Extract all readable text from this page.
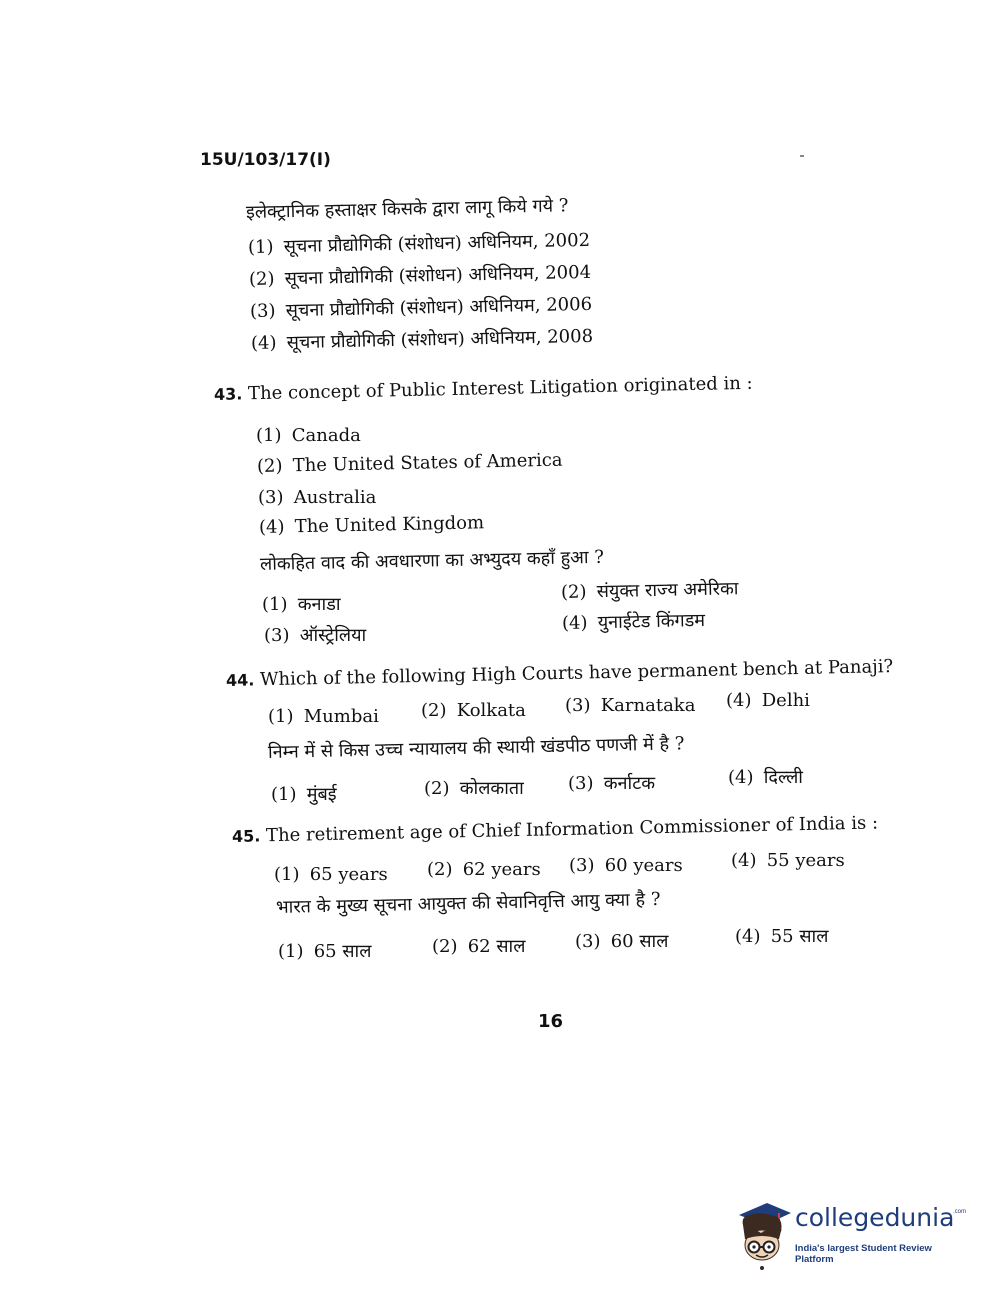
15U/103/17(I)
इलेक्ट्रानिक हस्ताक्षर किसके द्वारा लागू किये गये ?
(1) सूचना प्रौद्योगिकी (संशोधन) अधिनियम, 2002
(2) सूचना प्रौद्योगिकी (संशोधन) अधिनियम, 2004
(3) सूचना प्रौद्योगिकी (संशोधन) अधिनियम, 2006
(4) सूचना प्रौद्योगिकी (संशोधन) अधिनियम, 2008
43. The concept of Public Interest Litigation originated in :
(1) Canada
(2) The United States of America
(3) Australia
(4) The United Kingdom
लोकहित वाद की अवधारणा का अभ्युदय कहाँ हुआ ?
(1) कनाडा
(2) संयुक्त राज्य अमेरिका
(3) ऑस्ट्रेलिया
(4) युनाईटेड किंगडम
44. Which of the following High Courts have permanent bench at Panaji?
(1) Mumbai (2) Kolkata (3) Karnataka (4) Delhi
निम्न में से किस उच्च न्यायालय की स्थायी खंडपीठ पणजी में है ?
(1) मुंबई	(2) कोलकाता (3) कर्नाटक	(4) दिल्ली
45. The retirement age of Chief Information Commissioner of India is :
(1) 65 years (2) 62 years (3) 60 years	(4) 55 years
भारत के मुख्य सूचना आयुक्त की सेवानिवृत्ति आयु क्या है ?
(1) 65 साल	(2) 62 साल	(3) 60 साल	(4) 55 साल
16
collegedunia
.com
India's largest Student Review Platform
